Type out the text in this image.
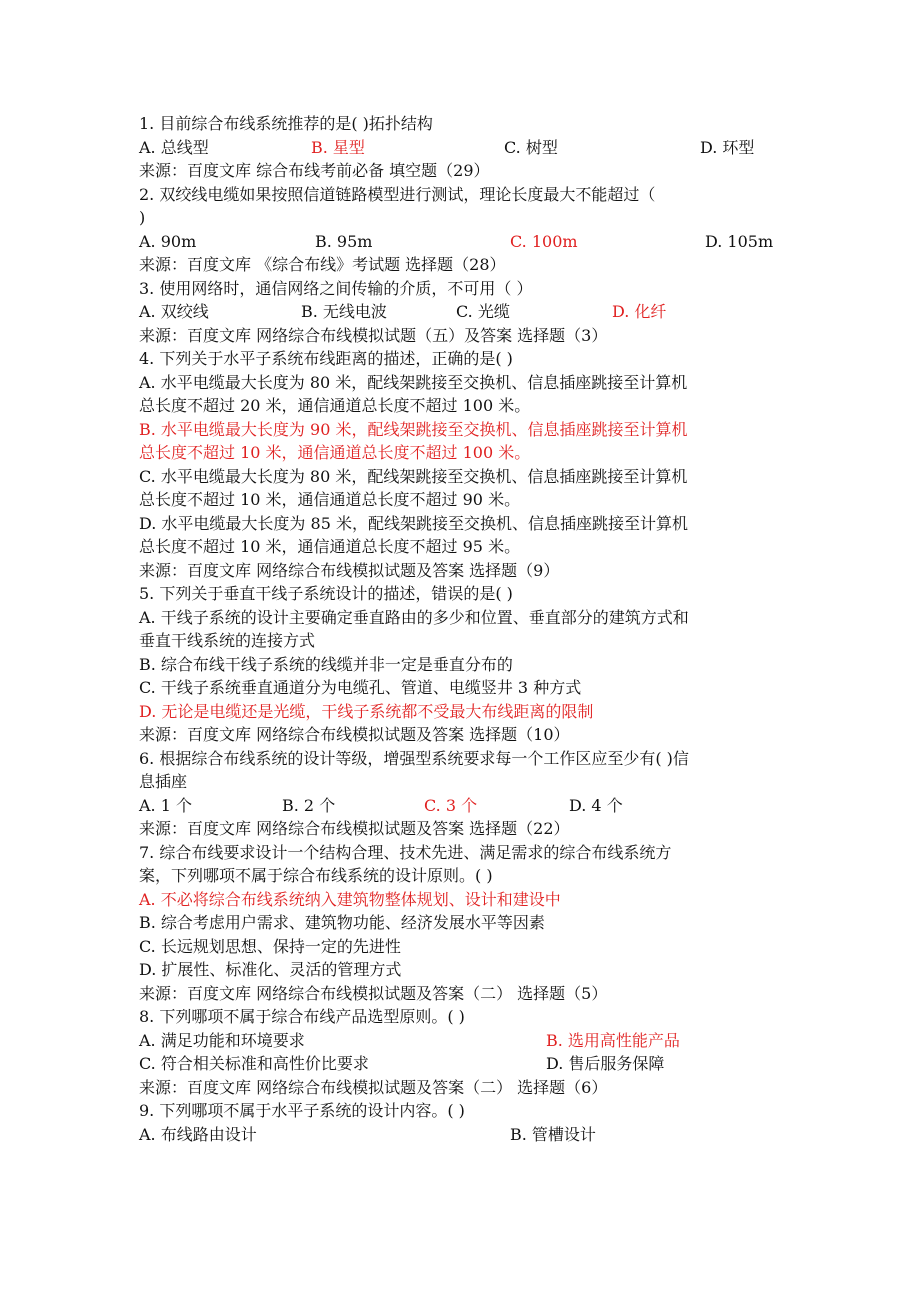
1. 目前综合布线系统推荐的是( )拓扑结构
A. 总线型	B. 星型	C. 树型	D. 环型
来源：百度文库 综合布线考前必备 填空题（29）
2. 双绞线电缆如果按照信道链路模型进行测试，理论长度最大不能超过（
)
A. 90m	B. 95m	C. 100m	D. 105m
来源：百度文库 《综合布线》考试题 选择题（28）
3. 使用网络时，通信网络之间传输的介质，不可用（ ）
A. 双绞线	B. 无线电波	C. 光缆	D. 化纤
来源：百度文库 网络综合布线模拟试题（五）及答案 选择题（3）
4. 下列关于水平子系统布线距离的描述，正确的是( )
A. 水平电缆最大长度为 80 米，配线架跳接至交换机、信息插座跳接至计算机
总长度不超过 20 米，通信通道总长度不超过 100 米。
B. 水平电缆最大长度为 90 米，配线架跳接至交换机、信息插座跳接至计算机
总长度不超过 10 米，通信通道总长度不超过 100 米。
C. 水平电缆最大长度为 80 米，配线架跳接至交换机、信息插座跳接至计算机
总长度不超过 10 米，通信通道总长度不超过 90 米。
D. 水平电缆最大长度为 85 米，配线架跳接至交换机、信息插座跳接至计算机
总长度不超过 10 米，通信通道总长度不超过 95 米。
来源：百度文库 网络综合布线模拟试题及答案 选择题（9）
5. 下列关于垂直干线子系统设计的描述，错误的是( )
A. 干线子系统的设计主要确定垂直路由的多少和位置、垂直部分的建筑方式和
垂直干线系统的连接方式
B. 综合布线干线子系统的线缆并非一定是垂直分布的
C. 干线子系统垂直通道分为电缆孔、管道、电缆竖井 3 种方式
D. 无论是电缆还是光缆，干线子系统都不受最大布线距离的限制
来源：百度文库 网络综合布线模拟试题及答案 选择题（10）
6. 根据综合布线系统的设计等级，增强型系统要求每一个工作区应至少有( )信
息插座
A. 1 个	B. 2 个	C. 3 个	D. 4 个
来源：百度文库 网络综合布线模拟试题及答案 选择题（22）
7. 综合布线要求设计一个结构合理、技术先进、满足需求的综合布线系统方
案，下列哪项不属于综合布线系统的设计原则。( )
A. 不必将综合布线系统纳入建筑物整体规划、设计和建设中
B. 综合考虑用户需求、建筑物功能、经济发展水平等因素
C. 长远规划思想、保持一定的先进性
D. 扩展性、标准化、灵活的管理方式
来源：百度文库 网络综合布线模拟试题及答案（二） 选择题（5）
8. 下列哪项不属于综合布线产品选型原则。( )
A. 满足功能和环境要求	B. 选用高性能产品
C. 符合相关标准和高性价比要求	D. 售后服务保障
来源：百度文库 网络综合布线模拟试题及答案（二） 选择题（6）
9. 下列哪项不属于水平子系统的设计内容。( )
A. 布线路由设计	B. 管槽设计
